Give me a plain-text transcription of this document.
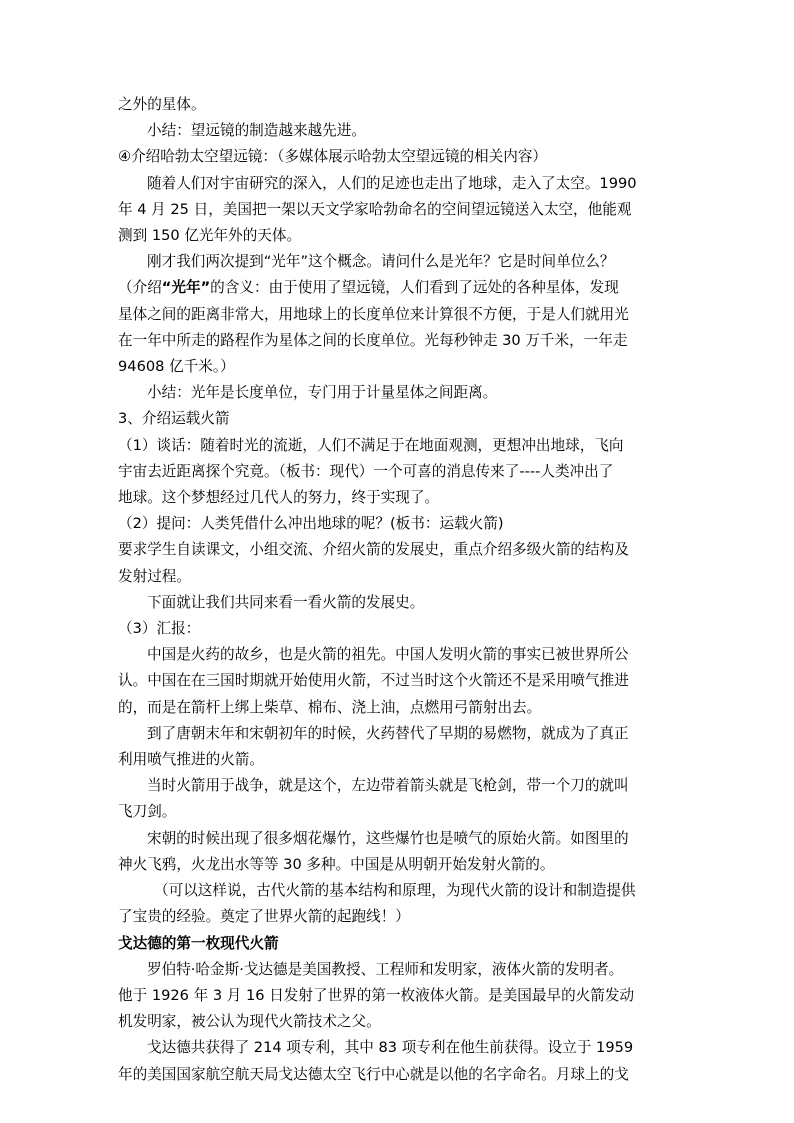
之外的星体。

小结：望远镜的制造越来越先进。

④介绍哈勃太空望远镜：（多媒体展示哈勃太空望远镜的相关内容）

随着人们对宇宙研究的深入，人们的足迹也走出了地球，走入了太空。1990

年 4 月 25 日，美国把一架以天文学家哈勃命名的空间望远镜送入太空，他能观

测到 150 亿光年外的天体。

刚才我们两次提到“光年”这个概念。请问什么是光年？它是时间单位么？

（介绍“光年”的含义：由于使用了望远镜，人们看到了远处的各种星体，发现

星体之间的距离非常大，用地球上的长度单位来计算很不方便，于是人们就用光

在一年中所走的路程作为星体之间的长度单位。光每秒钟走 30 万千米，一年走

94608 亿千米。）

小结：光年是长度单位，专门用于计量星体之间距离。

3、介绍运载火箭

（1）谈话：随着时光的流逝，人们不满足于在地面观测，更想冲出地球，飞向

宇宙去近距离探个究竟。（板书：现代）一个可喜的消息传来了----人类冲出了

地球。这个梦想经过几代人的努力，终于实现了。

（2）提问：人类凭借什么冲出地球的呢？(板书：运载火箭)

要求学生自读课文，小组交流、介绍火箭的发展史，重点介绍多级火箭的结构及

发射过程。

下面就让我们共同来看一看火箭的发展史。

（3）汇报：

中国是火药的故乡，也是火箭的祖先。中国人发明火箭的事实已被世界所公

认。中国在在三国时期就开始使用火箭，不过当时这个火箭还不是采用喷气推进

的，而是在箭杆上绑上柴草、棉布、浇上油，点燃用弓箭射出去。

到了唐朝末年和宋朝初年的时候，火药替代了早期的易燃物，就成为了真正

利用喷气推进的火箭。

当时火箭用于战争，就是这个，左边带着箭头就是飞枪剑，带一个刀的就叫

飞刀剑。

宋朝的时候出现了很多烟花爆竹，这些爆竹也是喷气的原始火箭。如图里的

神火飞鸦，火龙出水等等 30 多种。中国是从明朝开始发射火箭的。

（可以这样说，古代火箭的基本结构和原理，为现代火箭的设计和制造提供

了宝贵的经验。奠定了世界火箭的起跑线！）

戈达德的第一枚现代火箭

罗伯特·哈金斯·戈达德是美国教授、工程师和发明家，液体火箭的发明者。

他于 1926 年 3 月 16 日发射了世界的第一枚液体火箭。是美国最早的火箭发动

机发明家，被公认为现代火箭技术之父。

戈达德共获得了 214 项专利，其中 83 项专利在他生前获得。设立于 1959

年的美国国家航空航天局戈达德太空飞行中心就是以他的名字命名。月球上的戈
